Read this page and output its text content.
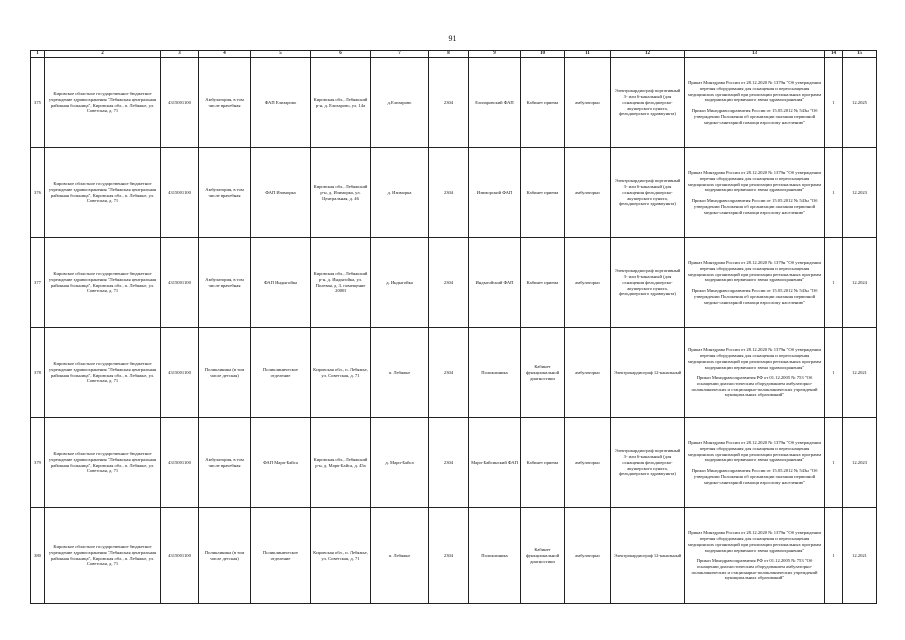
91
1	2	3	4	5	6	7	8	9	10	11	12	13	14	15
375	Кировское областное государственное бюджетное учреждение здравоохранения "Лебяжская центральная районная больница", Кировская обл., п. Лебяжье, ул. Советская, д. 71	4315001100	Амбулатория, в том числе врачебная	ФАП Елизарово	Кировская обл., Лебяжский р-н, д. Елизарово, ул. 14а	д.Елизарово	2304	Елизаровский ФАП	Кабинет приема	амбулаторно	Электрокардиограф портативный 3- или 6-канальный (для оснащения фельдшерско-акушерского пункта, фельдшерского здравпункта)	Приказ Минздрава России от 28.12.2020 № 1379н "Об утверждении перечня оборудования для оснащения и переоснащения медицинских организаций при реализации региональных программ модернизации первичного звена здравоохранения"

Приказ Минздравсоцразвития России от 15.05.2012 № 543н "Об утверждении Положения об организации оказания первичной медико-санитарной помощи взрослому населению"	1	12.2025
376	Кировское областное государственное бюджетное учреждение здравоохранения "Лебяжская центральная районная больница", Кировская обл., п. Лебяжье, ул. Советская, д. 71	4315001100	Амбулатория, в том числе врачебная	ФАП Изиморка	Кировская обл., Лебяжский р-н, д. Изиморка, ул. Центральная, д. 46	д. Изиморка	2304	Изиморский ФАП	Кабинет приема	амбулаторно	Электрокардиограф портативный 3- или 6-канальный (для оснащения фельдшерско-акушерского пункта, фельдшерского здравпункта)	Приказ Минздрава России от 28.12.2020 № 1379н "Об утверждении перечня оборудования для оснащения и переоснащения медицинских организаций при реализации региональных программ модернизации первичного звена здравоохранения"

Приказ Минздравсоцразвития России от 15.05.2012 № 543н "Об утверждении Положения об организации оказания первичной медико-санитарной помощи взрослому населению"	1	12.2023
377	Кировское областное государственное бюджетное учреждение здравоохранения "Лебяжская центральная районная больница", Кировская обл., п. Лебяжье, ул. Советская, д. 71	4315001100	Амбулатория, в том числе врачебная	ФАП Индыгойка	Кировская обл., Лебяжский р-н, д. Индыгойка, ул. Полевая, д. 3, помещение 2000І	д. Индыгойка	2304	Индыгойский ФАП	Кабинет приема	амбулаторно	Электрокардиограф портативный 3- или 6-канальный (для оснащения фельдшерско-акушерского пункта, фельдшерского здравпункта)	Приказ Минздрава России от 28.12.2020 № 1379н "Об утверждении перечня оборудования для оснащения и переоснащения медицинских организаций при реализации региональных программ модернизации первичного звена здравоохранения"

Приказ Минздравсоцразвития России от 15.05.2012 № 543н "Об утверждении Положения об организации оказания первичной медико-санитарной помощи взрослому населению"	1	12.2024
378	Кировское областное государственное бюджетное учреждение здравоохранения "Лебяжская центральная районная больница", Кировская обл., п. Лебяжье, ул. Советская, д. 71	4315001100	Поликлиника (в том числе детская)	Поликлиническое отделение	Кировская обл., п. Лебяжье, ул. Советская, д. 71	п. Лебяжье	2304	Поликлиника	Кабинет функциональной диагностики	амбулаторно	Электрокардиограф 12-канальный	Приказ Минздрава России от 28.12.2020 № 1379н "Об утверждении перечня оборудования для оснащения и переоснащения медицинских организаций при реализации региональных программ модернизации первичного звена здравоохранения"

Приказ Минздравсоцразвития РФ от 01.12.2005 № 753 "Об оснащении диагностическим оборудованием амбулаторно-поликлинических и стационарно-поликлинических учреждений муниципальных образований"	1	12.2021
379	Кировское областное государственное бюджетное учреждение здравоохранения "Лебяжская центральная районная больница", Кировская обл., п. Лебяжье, ул. Советская, д. 71	4315001100	Амбулатория, в том числе врачебная	ФАП Марп-Байса	Кировская обл., Лебяжский р-н, д. Марп-Байса, д. 45а	д. Марп-Байса	2304	Марп-Байсинский ФАП	Кабинет приема	амбулаторно	Электрокардиограф портативный 3- или 6-канальный (для оснащения фельдшерско-акушерского пункта, фельдшерского здравпункта)	Приказ Минздрава России от 28.12.2020 № 1379н "Об утверждении перечня оборудования для оснащения и переоснащения медицинских организаций при реализации региональных программ модернизации первичного звена здравоохранения"

Приказ Минздравсоцразвития России от 15.05.2012 № 543н "Об утверждении Положения об организации оказания первичной медико-санитарной помощи взрослому населению"	1	12.2023
380	Кировское областное государственное бюджетное учреждение здравоохранения "Лебяжская центральная районная больница", Кировская обл., п. Лебяжье, ул. Советская, д. 71	4315001100	Поликлиника (в том числе детская)	Поликлиническое отделение	Кировская обл., п. Лебяжье, ул. Советская, д. 71	п. Лебяжье	2304	Поликлиника	Кабинет функциональной диагностики	амбулаторно	Электрокардиограф 12-канальный	Приказ Минздрава России от 28.12.2020 № 1379н "Об утверждении перечня оборудования для оснащения и переоснащения медицинских организаций при реализации региональных программ модернизации первичного звена здравоохранения"

Приказ Минздравсоцразвития РФ от 01.12.2005 № 753 "Об оснащении диагностическим оборудованием амбулаторно-поликлинических и стационарно-поликлинических учреждений муниципальных образований"	1	12.2021
